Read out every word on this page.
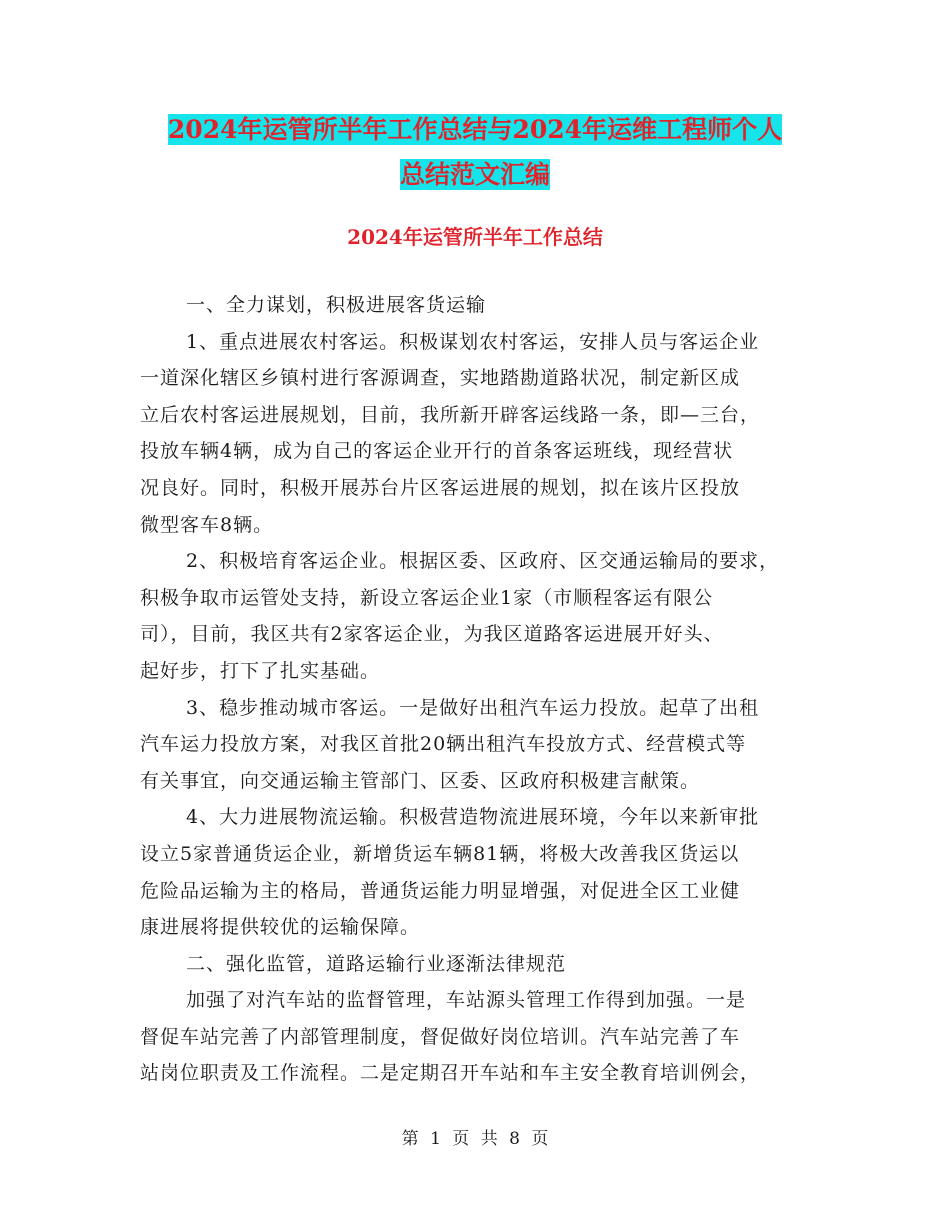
2024年运管所半年工作总结与2024年运维工程师个人
总结范文汇编
2024年运管所半年工作总结
一、全力谋划，积极进展客货运输
1、重点进展农村客运。积极谋划农村客运，安排人员与客运企业
一道深化辖区乡镇村进行客源调查，实地踏勘道路状况，制定新区成
立后农村客运进展规划，目前，我所新开辟客运线路一条，即—三台，
投放车辆4辆，成为自己的客运企业开行的首条客运班线，现经营状
况良好。同时，积极开展苏台片区客运进展的规划，拟在该片区投放
微型客车8辆。
2、积极培育客运企业。根据区委、区政府、区交通运输局的要求，
积极争取市运管处支持，新设立客运企业1家（市顺程客运有限公
司），目前，我区共有2家客运企业，为我区道路客运进展开好头、
起好步，打下了扎实基础。
3、稳步推动城市客运。一是做好出租汽车运力投放。起草了出租
汽车运力投放方案，对我区首批20辆出租汽车投放方式、经营模式等
有关事宜，向交通运输主管部门、区委、区政府积极建言献策。
4、大力进展物流运输。积极营造物流进展环境，今年以来新审批
设立5家普通货运企业，新增货运车辆81辆，将极大改善我区货运以
危险品运输为主的格局，普通货运能力明显增强，对促进全区工业健
康进展将提供较优的运输保障。
二、强化监管，道路运输行业逐渐法律规范
加强了对汽车站的监督管理，车站源头管理工作得到加强。一是
督促车站完善了内部管理制度，督促做好岗位培训。汽车站完善了车
站岗位职责及工作流程。二是定期召开车站和车主安全教育培训例会，
第 1 页 共 8 页
